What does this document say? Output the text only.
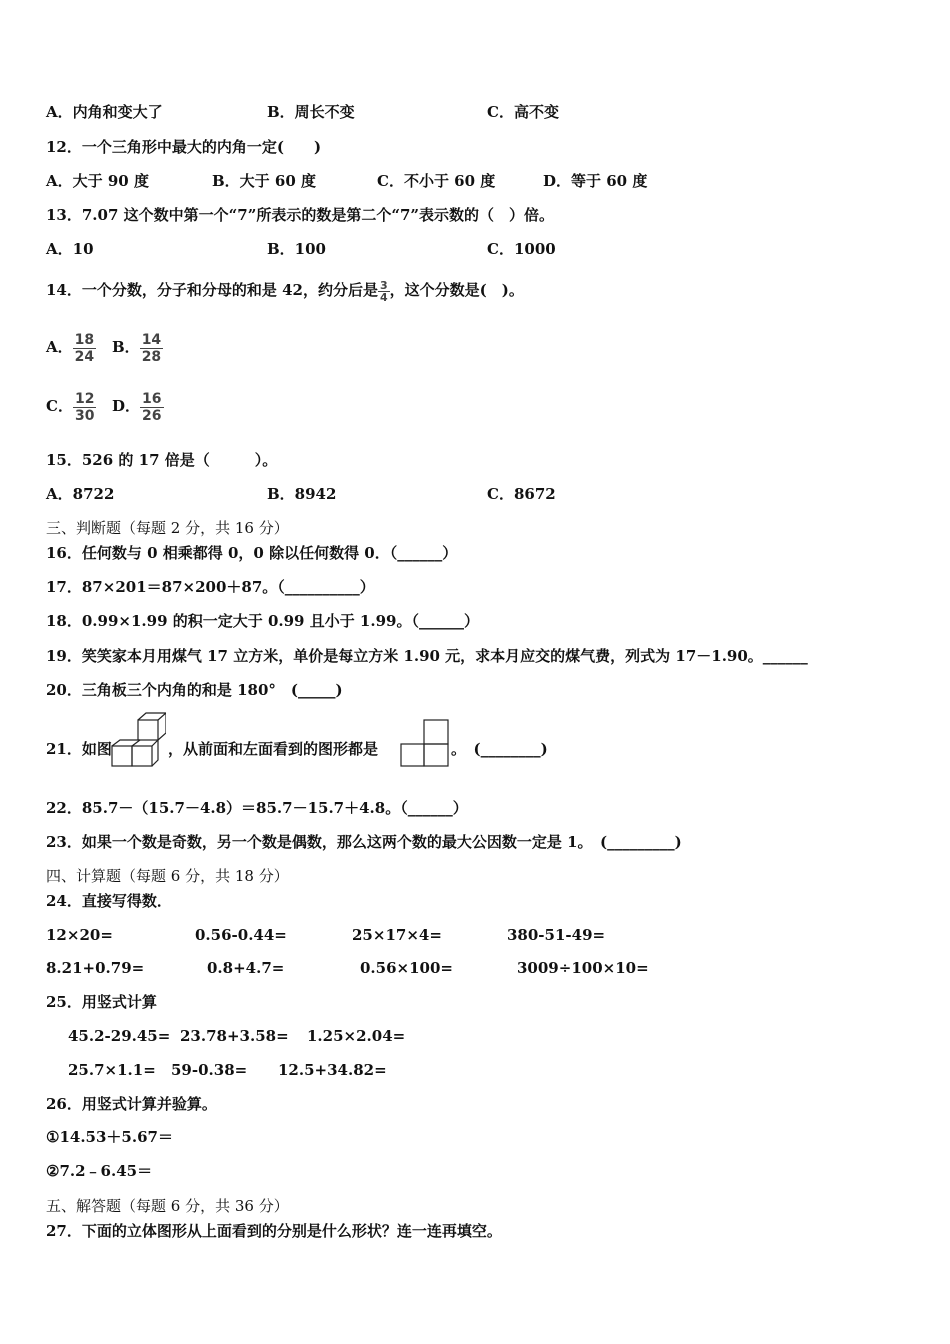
A．内角和变大了	B．周长不变	C．高不变
12．一个三角形中最大的内角一定(　　)
A．大于 90 度	B．大于 60 度	C．不小于 60 度	D．等于 60 度
13．7.07 这个数中第一个“7”所表示的数是第二个“7”表示数的（　）倍。
A．10	B．100	C．1000
14．一个分数，分子和分母的和是 42，约分后是 $\frac{3}{4}$ ，这个分数是(　)。
A． $\frac{18}{24}$ B． $\frac{14}{28}$
C． $\frac{12}{30}$ D． $\frac{16}{26}$
15．526 的 17 倍是（　　　）。
A．8722	B．8942	C．8672
三、判断题（每题 2 分，共 16 分）
16．任何数与 0 相乘都得 0，0 除以任何数得 0．（______）
17．87×201＝87×200＋87。（__________）
18．0.99×1.99 的积一定大于 0.99 且小于 1.99。（______）
19．笑笑家本月用煤气 17 立方米，单价是每立方米 1.90 元，求本月应交的煤气费，列式为 17－1.90。______
20．三角板三个内角的和是 180°　(_____)
21．如图	，从前面和左面看到的图形都是	。　(________)
22．85.7－（15.7－4.8）＝85.7－15.7＋4.8。（______）
23．如果一个数是奇数，另一个数是偶数，那么这两个数的最大公因数一定是 1。　(_________)
四、计算题（每题 6 分，共 18 分）
24．直接写得数．
12×20=	0.56-0.44=	25×17×4=	380-51-49=
8.21+0.79=	0.8+4.7=	0.56×100=	3009÷100×10=
25．用竖式计算
45.2-29.45= 23.78+3.58= 1.25×2.04=
25.7×1.1= 59-0.38= 12.5+34.82=
26．用竖式计算并验算。
①14.53＋5.67＝
②7.2﹣6.45＝
五、解答题（每题 6 分，共 36 分）
27．下面的立体图形从上面看到的分别是什么形状？连一连再填空。
